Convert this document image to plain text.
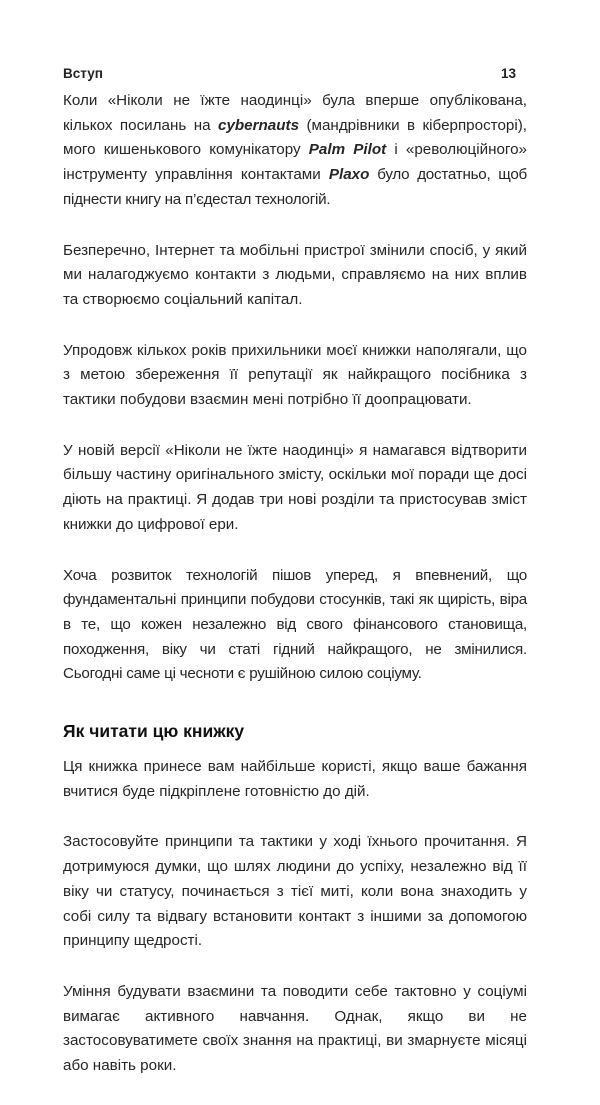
Вступ	13

Коли «Ніколи не їжте наодинці» була вперше опублікована, кількох посилань на cybernauts (мандрівники в кіберпросторі), мого кишенькового комунікатору Palm Pilot і «революційного» інструменту управління контактами Plaxo було достатньо, щоб піднести книгу на п’єдестал технологій.

Безперечно, Інтернет та мобільні пристрої змінили спосіб, у який ми налагоджуємо контакти з людьми, справляємо на них вплив та створюємо соціальний капітал.

Упродовж кількох років прихильники моєї книжки наполягали, що з метою збереження її репутації як найкращого посібника з тактики побудови взаємин мені потрібно її доопрацювати.

У новій версії «Ніколи не їжте наодинці» я намагався відтворити більшу частину оригінального змісту, оскільки мої поради ще досі діють на практиці. Я додав три нові розділи та пристосував зміст книжки до цифрової ери.

Хоча розвиток технологій пішов уперед, я впевнений, що фундаментальні принципи побудови стосунків, такі як щирість, віра в те, що кожен незалежно від свого фінансового становища, походження, віку чи статі гідний найкращого, не змінилися. Сьогодні саме ці чесноти є рушійною силою соціуму.

Як читати цю книжку

Ця книжка принесе вам найбільше користі, якщо ваше бажання вчитися буде підкріплене готовністю до дій.

Застосовуйте принципи та тактики у ході їхнього прочитання. Я дотримуюся думки, що шлях людини до успіху, незалежно від її віку чи статусу, починається з тієї миті, коли вона знаходить у собі силу та відвагу встановити контакт з іншими за допомогою принципу щедрості.

Уміння будувати взаємини та поводити себе тактовно у соціумі вимагає активного навчання. Однак, якщо ви не застосовуватимете своїх знання на практиці, ви змарнуєте місяці або навіть роки.
